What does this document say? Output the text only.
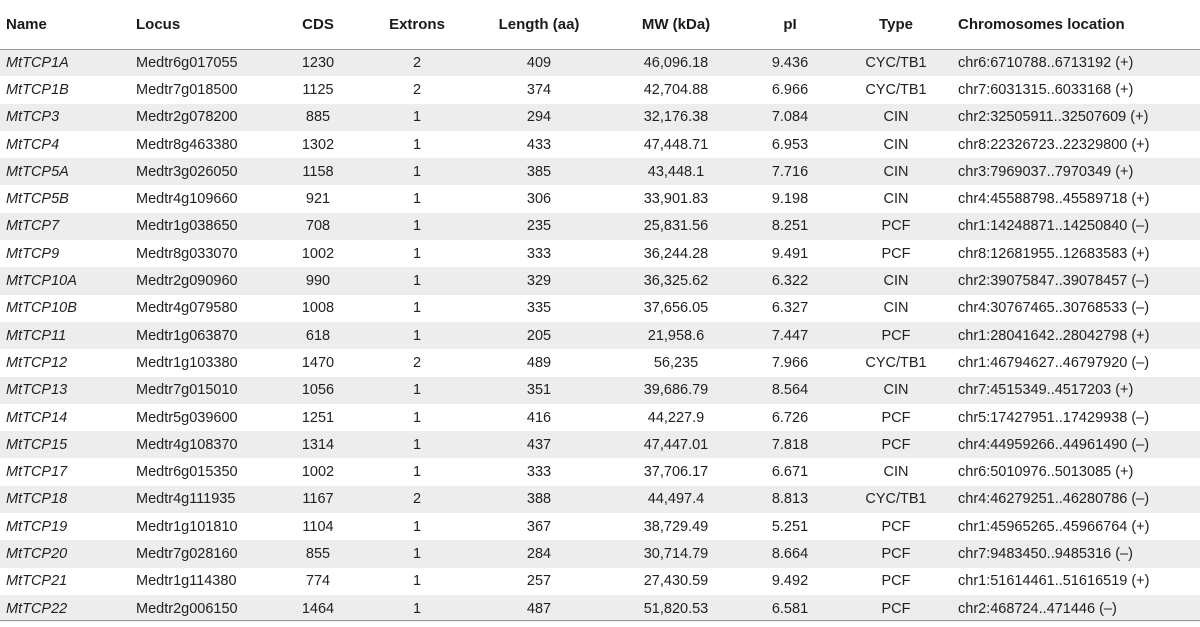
Name	Locus	CDS	Extrons	Length (aa)	MW (kDa)	pI	Type	Chromosomes location
MtTCP1A	Medtr6g017055	1230	2	409	46,096.18	9.436	CYC/TB1	chr6:6710788..6713192 (+)
MtTCP1B	Medtr7g018500	1125	2	374	42,704.88	6.966	CYC/TB1	chr7:6031315..6033168 (+)
MtTCP3	Medtr2g078200	885	1	294	32,176.38	7.084	CIN	chr2:32505911..32507609 (+)
MtTCP4	Medtr8g463380	1302	1	433	47,448.71	6.953	CIN	chr8:22326723..22329800 (+)
MtTCP5A	Medtr3g026050	1158	1	385	43,448.1	7.716	CIN	chr3:7969037..7970349 (+)
MtTCP5B	Medtr4g109660	921	1	306	33,901.83	9.198	CIN	chr4:45588798..45589718 (+)
MtTCP7	Medtr1g038650	708	1	235	25,831.56	8.251	PCF	chr1:14248871..14250840 (–)
MtTCP9	Medtr8g033070	1002	1	333	36,244.28	9.491	PCF	chr8:12681955..12683583 (+)
MtTCP10A	Medtr2g090960	990	1	329	36,325.62	6.322	CIN	chr2:39075847..39078457 (–)
MtTCP10B	Medtr4g079580	1008	1	335	37,656.05	6.327	CIN	chr4:30767465..30768533 (–)
MtTCP11	Medtr1g063870	618	1	205	21,958.6	7.447	PCF	chr1:28041642..28042798 (+)
MtTCP12	Medtr1g103380	1470	2	489	56,235	7.966	CYC/TB1	chr1:46794627..46797920 (–)
MtTCP13	Medtr7g015010	1056	1	351	39,686.79	8.564	CIN	chr7:4515349..4517203 (+)
MtTCP14	Medtr5g039600	1251	1	416	44,227.9	6.726	PCF	chr5:17427951..17429938 (–)
MtTCP15	Medtr4g108370	1314	1	437	47,447.01	7.818	PCF	chr4:44959266..44961490 (–)
MtTCP17	Medtr6g015350	1002	1	333	37,706.17	6.671	CIN	chr6:5010976..5013085 (+)
MtTCP18	Medtr4g111935	1167	2	388	44,497.4	8.813	CYC/TB1	chr4:46279251..46280786 (–)
MtTCP19	Medtr1g101810	1104	1	367	38,729.49	5.251	PCF	chr1:45965265..45966764 (+)
MtTCP20	Medtr7g028160	855	1	284	30,714.79	8.664	PCF	chr7:9483450..9485316 (–)
MtTCP21	Medtr1g114380	774	1	257	27,430.59	9.492	PCF	chr1:51614461..51616519 (+)
MtTCP22	Medtr2g006150	1464	1	487	51,820.53	6.581	PCF	chr2:468724..471446 (–)
